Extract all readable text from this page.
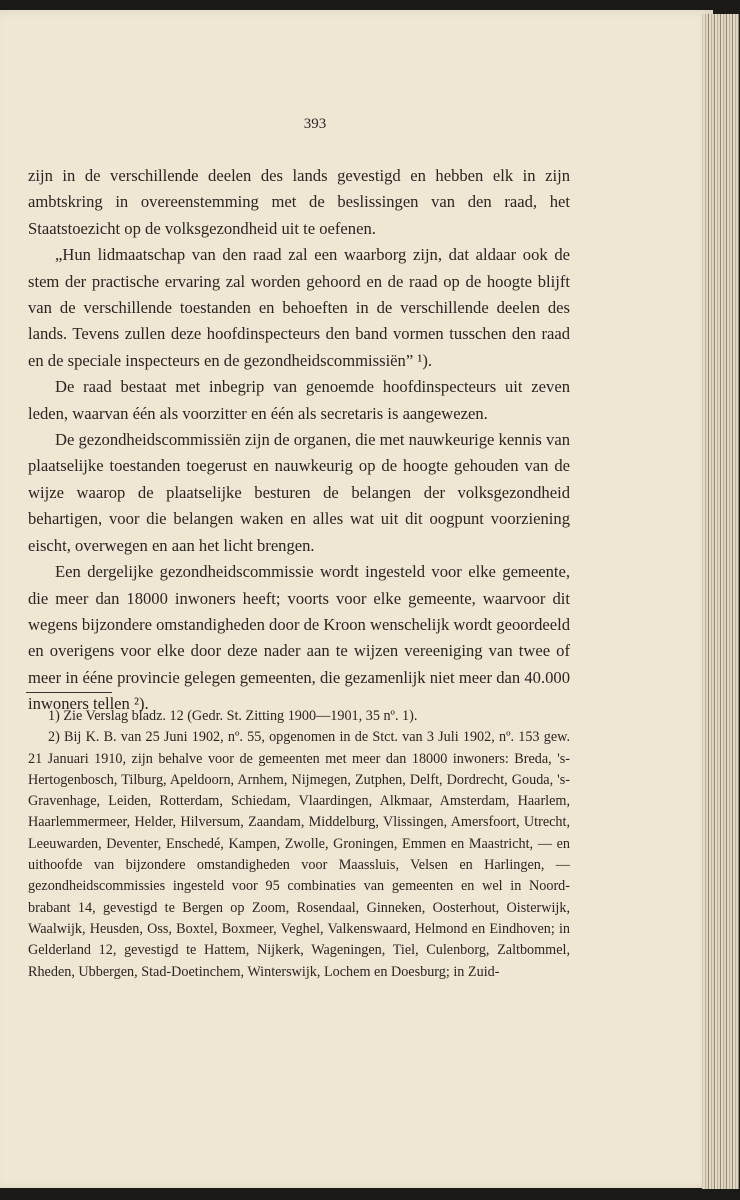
393

zijn in de verschillende deelen des lands gevestigd en hebben elk in zijn ambtskring in overeenstemming met de beslissingen van den raad, het Staatstoezicht op de volksgezondheid uit te oefenen.

„Hun lidmaatschap van den raad zal een waarborg zijn, dat aldaar ook de stem der practische ervaring zal worden gehoord en de raad op de hoogte blijft van de verschillende toestanden en behoeften in de verschillende deelen des lands. Tevens zullen deze hoofdinspecteurs den band vormen tusschen den raad en de speciale inspecteurs en de gezondheidscommissiën” ¹).

De raad bestaat met inbegrip van genoemde hoofdinspecteurs uit zeven leden, waarvan één als voorzitter en één als secretaris is aangewezen.

De gezondheidscommissiën zijn de organen, die met nauwkeurige kennis van plaatselijke toestanden toegerust en nauwkeurig op de hoogte gehouden van de wijze waarop de plaatselijke besturen de belangen der volksgezondheid behartigen, voor die belangen waken en alles wat uit dit oogpunt voorziening eischt, overwegen en aan het licht brengen.

Een dergelijke gezondheidscommissie wordt ingesteld voor elke gemeente, die meer dan 18000 inwoners heeft; voorts voor elke gemeente, waarvoor dit wegens bijzondere omstandigheden door de Kroon wenschelijk wordt geoordeeld en overigens voor elke door deze nader aan te wijzen vereeniging van twee of meer in ééne provincie gelegen gemeenten, die gezamenlijk niet meer dan 40.000 inwoners tellen ²).

1) Zie Verslag bladz. 12 (Gedr. St. Zitting 1900—1901, 35 nº. 1).

2) Bij K. B. van 25 Juni 1902, nº. 55, opgenomen in de Stct. van 3 Juli 1902, nº. 153 gew. 21 Januari 1910, zijn behalve voor de gemeenten met meer dan 18000 inwoners: Breda, 's-Hertogenbosch, Tilburg, Apeldoorn, Arnhem, Nijmegen, Zutphen, Delft, Dordrecht, Gouda, 's-Gravenhage, Leiden, Rotterdam, Schiedam, Vlaardingen, Alkmaar, Amsterdam, Haarlem, Haarlemmermeer, Helder, Hilversum, Zaandam, Middelburg, Vlissingen, Amersfoort, Utrecht, Leeuwarden, Deventer, Enschedé, Kampen, Zwolle, Groningen, Emmen en Maastricht, — en uithoofde van bijzondere omstandigheden voor Maassluis, Velsen en Harlingen, — gezondheidscommissies ingesteld voor 95 combinaties van gemeenten en wel in Noord-brabant 14, gevestigd te Bergen op Zoom, Rosendaal, Ginneken, Oosterhout, Oisterwijk, Waalwijk, Heusden, Oss, Boxtel, Boxmeer, Veghel, Valkenswaard, Helmond en Eindhoven; in Gelderland 12, gevestigd te Hattem, Nijkerk, Wageningen, Tiel, Culenborg, Zaltbommel, Rheden, Ubbergen, Stad-Doetinchem, Winterswijk, Lochem en Doesburg; in Zuid-
